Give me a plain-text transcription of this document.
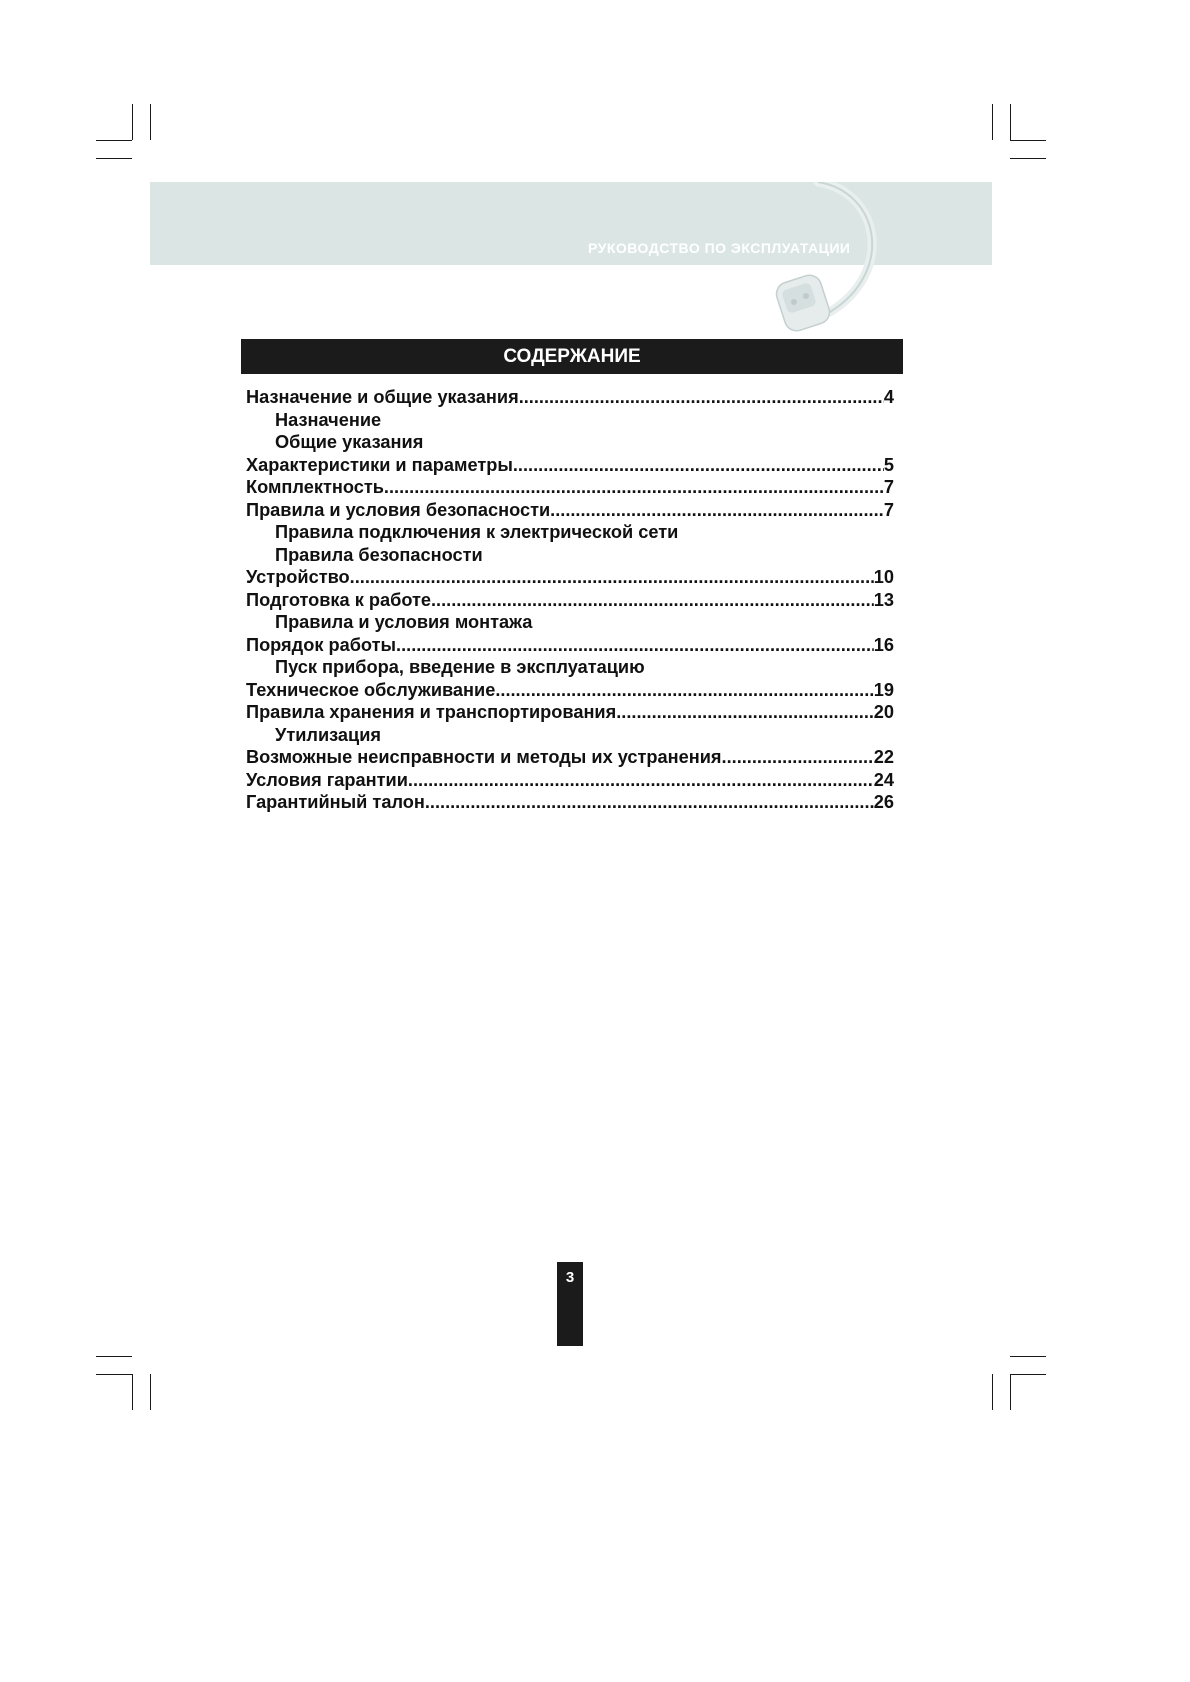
РУКОВОДСТВО ПО ЭКСПЛУАТАЦИИ
СОДЕРЖАНИЕ
Назначение и общие указания .....	4
Назначение
Общие указания
Характеристики и параметры .....	5
Комплектность .....	7
Правила и условия безопасности .....	7
Правила подключения к электрической сети
Правила безопасности
Устройство .....	10
Подготовка к работе .....	13
Правила и условия монтажа
Порядок работы .....	16
Пуск прибора, введение в эксплуатацию
Техническое обслуживание .....	19
Правила хранения и транспортирования .....	20
Утилизация
Возможные неисправности и методы их устранения .....	22
Условия гарантии .....	24
Гарантийный талон .....	26
3
